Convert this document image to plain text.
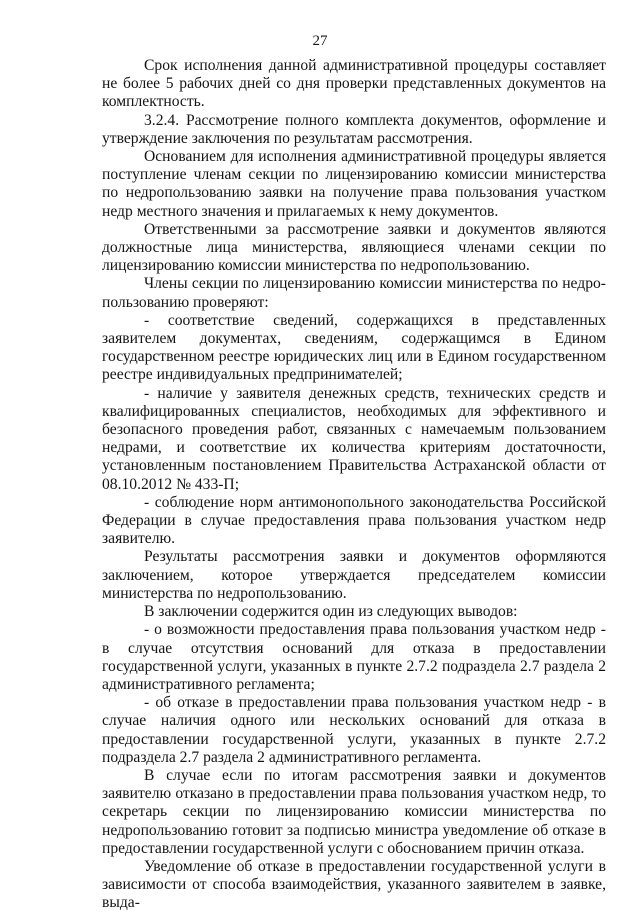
27

Срок исполнения данной административной процедуры составляет не более 5 рабочих дней со дня проверки представленных документов на комплектность.

3.2.4. Рассмотрение полного комплекта документов, оформление и утверждение заключения по результатам рассмотрения.

Основанием для исполнения административной процедуры является поступление членам секции по лицензированию комиссии министерства по недропользованию заявки на получение права пользования участком недр местного значения и прилагаемых к нему документов.

Ответственными за рассмотрение заявки и документов являются должностные лица министерства, являющиеся членами секции по лицензированию комиссии министерства по недропользованию.

Члены секции по лицензированию комиссии министерства по недропользованию проверяют:

- соответствие сведений, содержащихся в представленных заявителем документах, сведениям, содержащимся в Едином государственном реестре юридических лиц или в Едином государственном реестре индивидуальных предпринимателей;

- наличие у заявителя денежных средств, технических средств и квалифицированных специалистов, необходимых для эффективного и безопасного проведения работ, связанных с намечаемым пользованием недрами, и соответствие их количества критериям достаточности, установленным постановлением Правительства Астраханской области от 08.10.2012 № 433-П;

- соблюдение норм антимонопольного законодательства Российской Федерации в случае предоставления права пользования участком недр заявителю.

Результаты рассмотрения заявки и документов оформляются заключением, которое утверждается председателем комиссии министерства по недропользованию.

В заключении содержится один из следующих выводов:

- о возможности предоставления права пользования участком недр - в случае отсутствия оснований для отказа в предоставлении государственной услуги, указанных в пункте 2.7.2 подраздела 2.7 раздела 2 административного регламента;

- об отказе в предоставлении права пользования участком недр - в случае наличия одного или нескольких оснований для отказа в предоставлении государственной услуги, указанных в пункте 2.7.2 подраздела 2.7 раздела 2 административного регламента.

В случае если по итогам рассмотрения заявки и документов заявителю отказано в предоставлении права пользования участком недр, то секретарь секции по лицензированию комиссии министерства по недропользованию готовит за подписью министра уведомление об отказе в предоставлении государственной услуги с обоснованием причин отказа.

Уведомление об отказе в предоставлении государственной услуги в зависимости от способа взаимодействия, указанного заявителем в заявке, выда-
